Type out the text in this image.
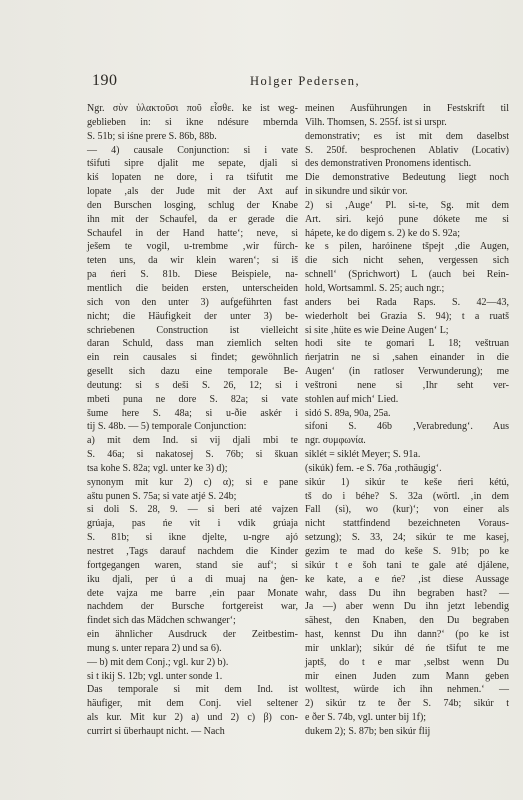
190	Holger Pedersen,

Ngr. σὺν ὑλακτοῦσι ποῦ εἶσθε. ke ist weg-

geblieben in: si ikne ndésure mbernda

S. 51b; si iśne prere S. 86b, 88b.

— 4) causale Conjunction: si i vate

tśifuti sipre djalit me sepate, djali si

kiś lopaten ne dore, i ra tśifutit me

lopate ‚als der Jude mit der Axt auf

den Burschen losging, schlug der Knabe

ihn mit der Schaufel, da er gerade die

Schaufel in der Hand hatte‘; neve, si

ješem te vogil, u-trembme ‚wir fürch-

teten uns, da wir klein waren‘; si iš

pa ńeri S. 81b. Diese Beispiele, na-

mentlich die beiden ersten, unterscheiden

sich von den unter 3) aufgeführten fast

nicht; die Häufigkeit der unter 3) be-

schriebenen Construction ist vielleicht

daran Schuld, dass man ziemlich selten

ein rein causales si findet; gewöhnlich

gesellt sich dazu eine temporale Be-

deutung: si s deši S. 26, 12; si i

mbeti puna ne dore S. 82a; si vate

šume here S. 48a; si u-ðie askér i

tij S. 48b. — 5) temporale Conjunction:

a) mit dem Ind. si vij djali mbi te

S. 46a; si nakatosej S. 76b; si škuan

tsa kohe S. 82a; vgl. unter ke 3) d);

synonym mit kur 2) c) α); si e pane

aštu punen S. 75a; si vate atjé S. 24b;

si doli S. 28, 9. — si beri até vajzen

grúaja, pas ńe vit i vdik grúaja

S. 81b; si ikne djelte, u-ngre ajó

nestret ‚Tags darauf nachdem die Kinder

fortgegangen waren, stand sie auf‘; si

iku djali, per ú a di muaj na ģen-

dete vajza me barre ‚ein paar Monate

nachdem der Bursche fortgereist war,

findet sich das Mädchen schwanger‘;

ein ähnlicher Ausdruck der Zeitbestim-

mung s. unter repara 2) und sa 6).

— b) mit dem Conj.; vgl. kur 2) b).

si t ikij S. 12b; vgl. unter sonde 1.

Das temporale si mit dem Ind. ist

häufiger, mit dem Conj. viel seltener

als kur. Mit kur 2) a) und 2) c) β) con-

currirt si überhaupt nicht. — Nach

meinen Ausführungen in Festskrift til

Vilh. Thomsen, S. 255f. ist si urspr.

demonstrativ; es ist mit dem daselbst

S. 250f. besprochenen Ablativ (Locativ)

des demonstrativen Pronomens identisch.

Die demonstrative Bedeutung liegt noch

in sikundre und sikúr vor.

2) si ‚Auge‘ Pl. si-te, Sg. mit dem

Art. siri. kejó pune dókete me si

hápete, ke do digem s. 2) ke do S. 92a;

ke s pilen, haróinene tšpejt ‚die Augen,

die sich nicht sehen, vergessen sich

schnell‘ (Sprichwort) L (auch bei Rein-

hold, Wortsamml. S. 25; auch ngr.;

anders bei Rada Raps. S. 42—43,

wiederholt bei Grazia S. 94); t a ruatš

si site ‚hüte es wie Deine Augen‘ L;

hodi site te gomari L 18; veštruan

ńerjatrin ne si ‚sahen einander in die

Augen‘ (in ratloser Verwunderung); me

veštroni nene si ‚Ihr seht ver-

stohlen auf mich‘ Lied.

sidó S. 89a, 90a, 25a.

sifoni S. 46b ‚Verabredung‘. Aus

ngr. συμφωνία.

siklét = siklét Meyer; S. 91a.

(sikúk) fem. -e S. 76a ‚rothäugig‘.

sikúr 1) sikúr te keše ńeri kétú,

tš do i béhe? S. 32a (wörtl. ‚in dem

Fall (si), wo (kur)‘; von einer als

nicht stattfindend bezeichneten Voraus-

setzung); S. 33, 24; sikúr te me kasej,

gezim te mad do keše S. 91b; po ke

sikúr t e šoh tani te gale até djálene,

ke kate, a e ńe? ‚ist diese Aussage

wahr, dass Du ihn begraben hast? —

Ja —) aber wenn Du ihn jetzt lebendig

sähest, den Knaben, den Du begraben

hast, kennst Du ihn dann?‘ (po ke ist

mir unklar); sikúr dé ńe tšifut te me

japtš, do t e mar ‚selbst wenn Du

mir einen Juden zum Mann geben

wolltest, würde ich ihn nehmen.‘ —

2) sikúr tz te ðer S. 74b; sikúr t

e ðer S. 74b, vgl. unter bij 1f);

dukem 2); S. 87b; ben sikúr flij
